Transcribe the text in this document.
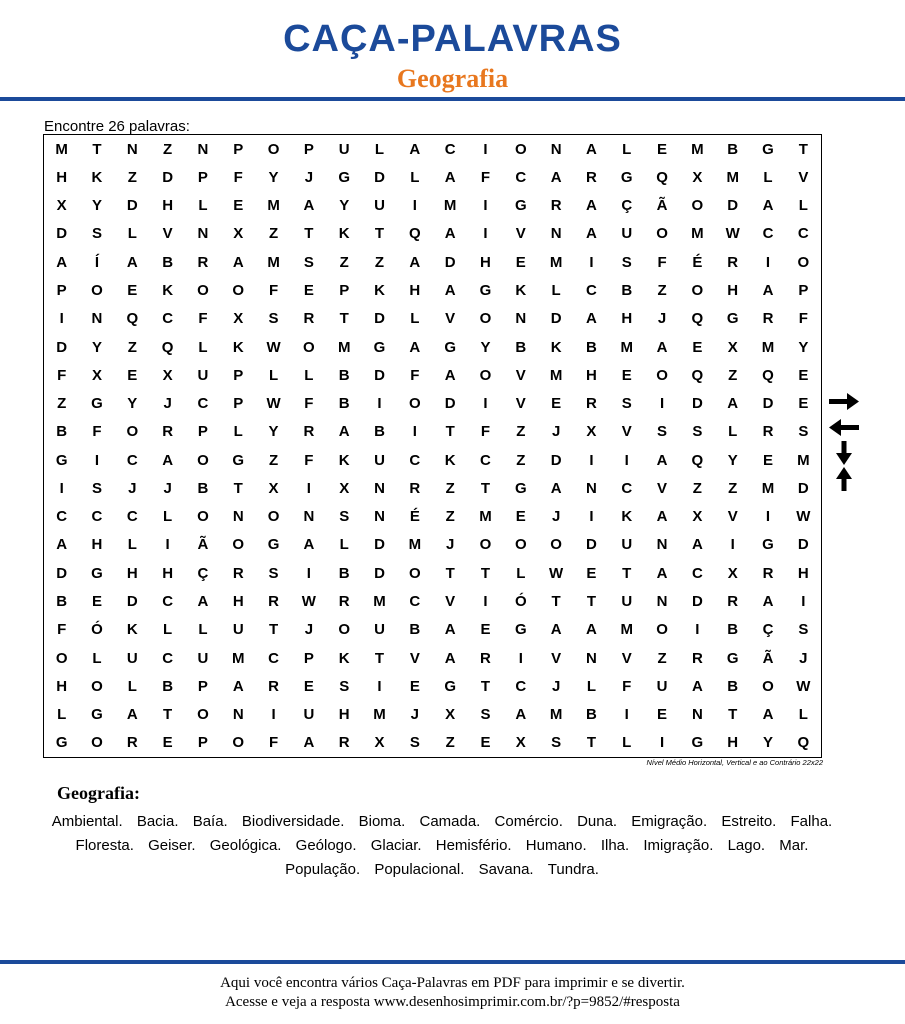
CAÇA-PALAVRAS
Geografia
Encontre 26 palavras:
M	T	N	Z	N	P	O	P	U	L	A	C	I	O	N	A	L	E	M	B	G	T
H	K	Z	D	P	F	Y	J	G	D	L	A	F	C	A	R	G	Q	X	M	L	V
X	Y	D	H	L	E	M	A	Y	U	I	M	I	G	R	A	Ç	Ã	O	D	A	L
D	S	L	V	N	X	Z	T	K	T	Q	A	I	V	N	A	U	O	M	W	C	C
A	Í	A	B	R	A	M	S	Z	Z	A	D	H	E	M	I	S	F	É	R	I	O
P	O	E	K	O	O	F	E	P	K	H	A	G	K	L	C	B	Z	O	H	A	P
I	N	Q	C	F	X	S	R	T	D	L	V	O	N	D	A	H	J	Q	G	R	F
D	Y	Z	Q	L	K	W	O	M	G	A	G	Y	B	K	B	M	A	E	X	M	Y
F	X	E	X	U	P	L	L	B	D	F	A	O	V	M	H	E	O	Q	Z	Q	E
Z	G	Y	J	C	P	W	F	B	I	O	D	I	V	E	R	S	I	D	A	D	E
B	F	O	R	P	L	Y	R	A	B	I	T	F	Z	J	X	V	S	S	L	R	S
G	I	C	A	O	G	Z	F	K	U	C	K	C	Z	D	I	I	A	Q	Y	E	M
I	S	J	J	B	T	X	I	X	N	R	Z	T	G	A	N	C	V	Z	Z	M	D
C	C	C	L	O	N	O	N	S	N	É	Z	M	E	J	I	K	A	X	V	I	W
A	H	L	I	Ã	O	G	A	L	D	M	J	O	O	O	D	U	N	A	I	G	D
D	G	H	H	Ç	R	S	I	B	D	O	T	T	L	W	E	T	A	C	X	R	H
B	E	D	C	A	H	R	W	R	M	C	V	I	Ó	T	T	U	N	D	R	A	I
F	Ó	K	L	L	U	T	J	O	U	B	A	E	G	A	A	M	O	I	B	Ç	S
O	L	U	C	U	M	C	P	K	T	V	A	R	I	V	N	V	Z	R	G	Ã	J
H	O	L	B	P	A	R	E	S	I	E	G	T	C	J	L	F	U	A	B	O	W
L	G	A	T	O	N	I	U	H	M	J	X	S	A	M	B	I	E	N	T	A	L
G	O	R	E	P	O	F	A	R	X	S	Z	E	X	S	T	L	I	G	H	Y	Q
Nível Médio Horizontal, Vertical e ao Contrário 22x22
Geografia:
Ambiental. Bacia. Baía. Biodiversidade. Bioma. Camada. Comércio. Duna. Emigração. Estreito. Falha. Floresta. Geiser. Geológica. Geólogo. Glaciar. Hemisfério. Humano. Ilha. Imigração. Lago. Mar. População. Populacional. Savana. Tundra.
Aqui você encontra vários Caça-Palavras em PDF para imprimir e se divertir.
Acesse e veja a resposta www.desenhosimprimir.com.br/?p=9852/#resposta
